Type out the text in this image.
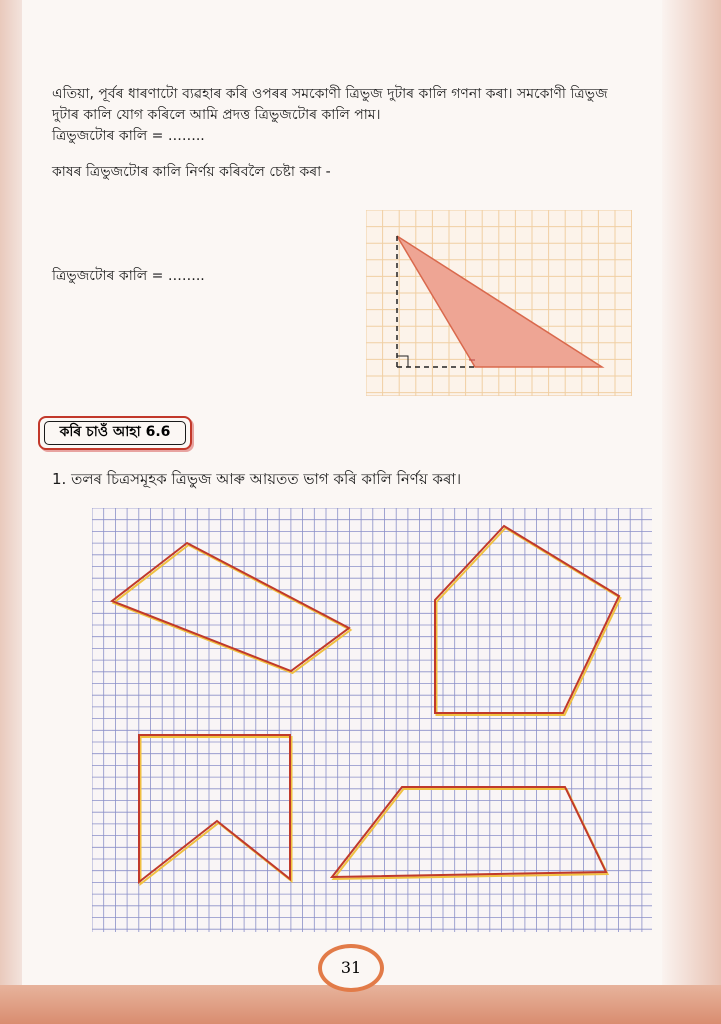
এতিয়া, পূৰ্বৰ ধাৰণাটো ব্যৱহাৰ কৰি ওপৰৰ সমকোণী ত্ৰিভুজ দুটাৰ কালি গণনা কৰা। সমকোণী ত্ৰিভুজ
দুটাৰ কালি যোগ কৰিলে আমি প্ৰদত্ত ত্ৰিভুজটোৰ কালি পাম।
ত্ৰিভুজটোৰ কালি = ……..
কাষৰ ত্ৰিভুজটোৰ কালি নিৰ্ণয় কৰিবলৈ চেষ্টা কৰা -
ত্ৰিভুজটোৰ কালি = ……..
কৰি চাওঁ আহা 6.6
1. তলৰ চিত্ৰসমূহক ত্ৰিভুজ আৰু আয়তত ভাগ কৰি কালি নিৰ্ণয় কৰা।
31
